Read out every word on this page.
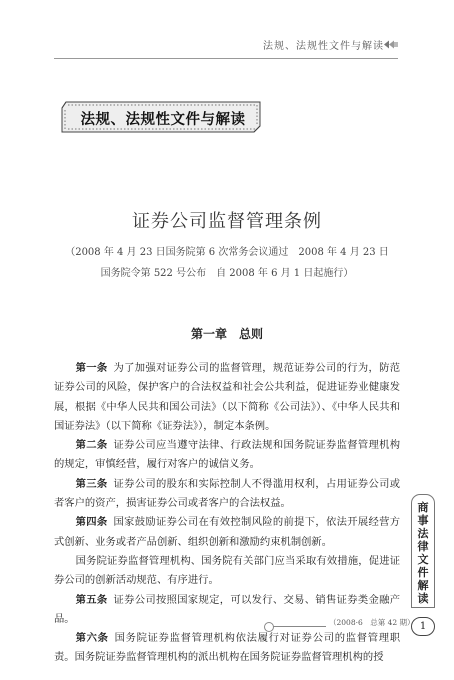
法规、法规性文件与解读
法规、法规性文件与解读
证券公司监督管理条例
（2008 年 4 月 23 日国务院第 6 次常务会议通过　2008 年 4 月 23 日
国务院令第 522 号公布　自 2008 年 6 月 1 日起施行）
第一章　总则

第一条 为了加强对证券公司的监督管理，规范证券公司的行为，防范证券公司的风险，保护客户的合法权益和社会公共利益，促进证券业健康发展，根据《中华人民共和国公司法》（以下简称《公司法》）、《中华人民共和国证券法》（以下简称《证券法》），制定本条例。

第二条 证券公司应当遵守法律、行政法规和国务院证券监督管理机构的规定，审慎经营，履行对客户的诚信义务。

第三条 证券公司的股东和实际控制人不得滥用权利，占用证券公司或者客户的资产，损害证券公司或者客户的合法权益。

第四条 国家鼓励证券公司在有效控制风险的前提下，依法开展经营方式创新、业务或者产品创新、组织创新和激励约束机制创新。

国务院证券监督管理机构、国务院有关部门应当采取有效措施，促进证券公司的创新活动规范、有序进行。

第五条 证券公司按照国家规定，可以发行、交易、销售证券类金融产品。

第六条 国务院证券监督管理机构依法履行对证券公司的监督管理职责。国务院证券监督管理机构的派出机构在国务院证券监督管理机构的授

商
事
法
律
文
件
解
读
（2008·6　总第 42 期） 1
